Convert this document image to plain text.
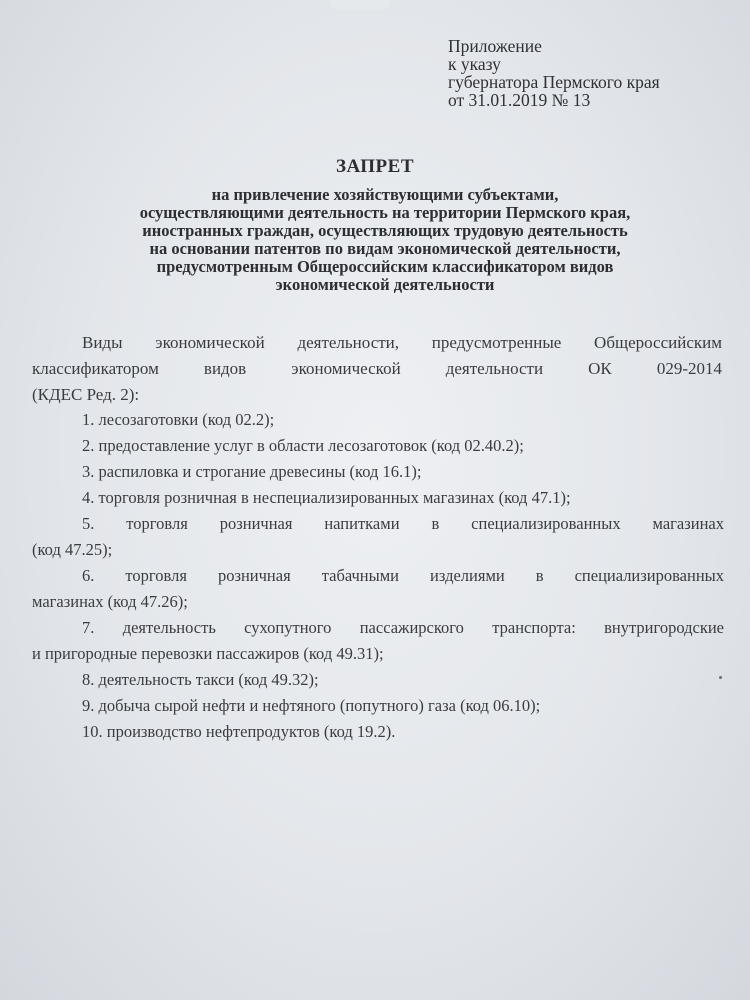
Приложение
к указу
губернатора Пермского края
от 31.01.2019 № 13
ЗАПРЕТ
на привлечение хозяйствующими субъектами,
осуществляющими деятельность на территории Пермского края,
иностранных граждан, осуществляющих трудовую деятельность
на основании патентов по видам экономической деятельности,
предусмотренным Общероссийским классификатором видов
экономической деятельности
Виды экономической деятельности, предусмотренные Общероссийским
классификатором видов экономической деятельности ОК 029-2014
(КДЕС Ред. 2):
1. лесозаготовки (код 02.2);
2. предоставление услуг в области лесозаготовок (код 02.40.2);
3. распиловка и строгание древесины (код 16.1);
4. торговля розничная в неспециализированных магазинах (код 47.1);
5. торговля розничная напитками в специализированных магазинах
(код 47.25);
6. торговля розничная табачными изделиями в специализированных
магазинах (код 47.26);
7. деятельность сухопутного пассажирского транспорта: внутригородские
и пригородные перевозки пассажиров (код 49.31);
8. деятельность такси (код 49.32);
9. добыча сырой нефти и нефтяного (попутного) газа (код 06.10);
10. производство нефтепродуктов (код 19.2).
